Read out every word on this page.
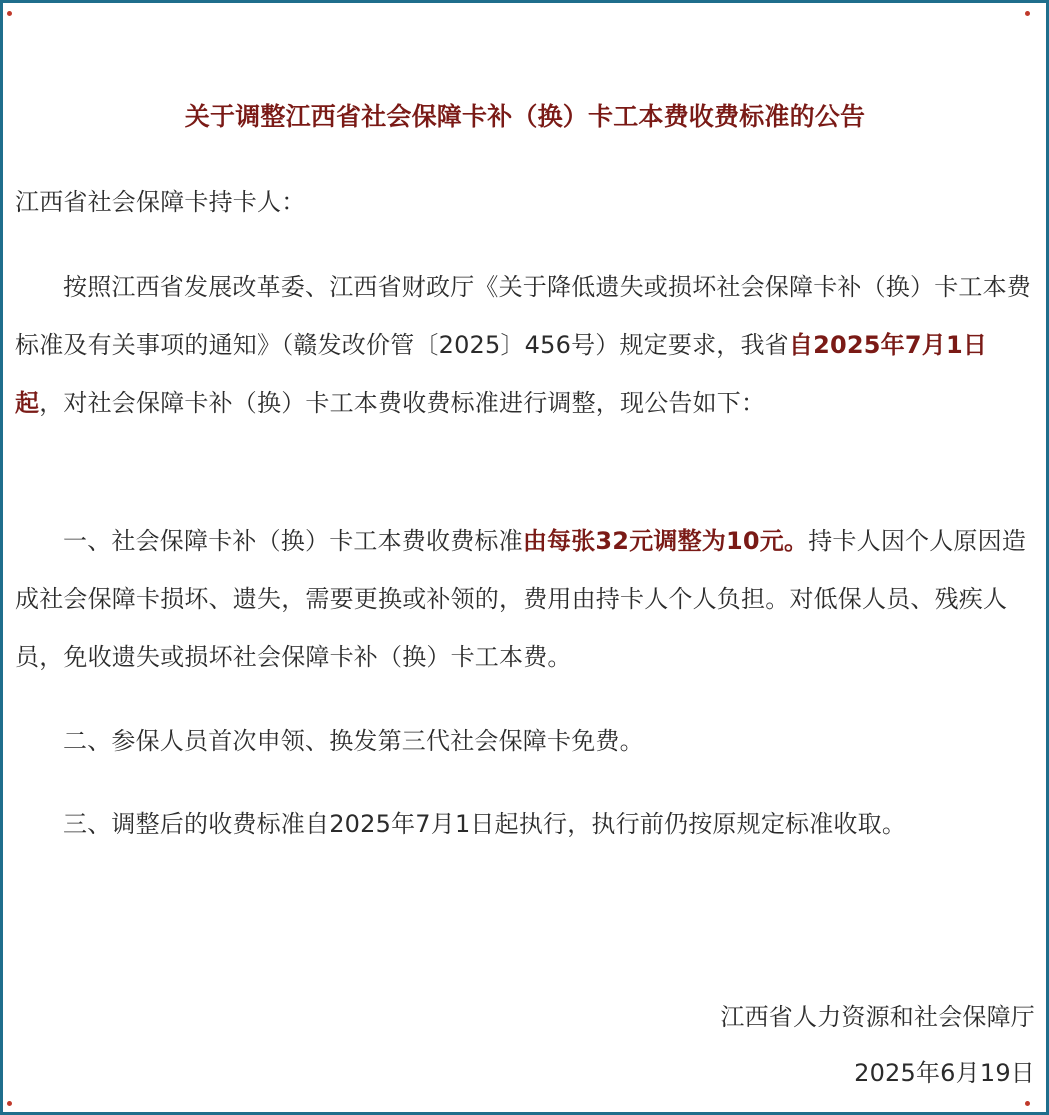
关于调整江西省社会保障卡补（换）卡工本费收费标准的公告

江西省社会保障卡持卡人：

按照江西省发展改革委、江西省财政厅《关于降低遗失或损坏社会保障卡补（换）卡工本费标准及有关事项的通知》（赣发改价管〔2025〕456号）规定要求，我省自2025年7月1日起，对社会保障卡补（换）卡工本费收费标准进行调整，现公告如下：

一、社会保障卡补（换）卡工本费收费标准由每张32元调整为10元。持卡人因个人原因造成社会保障卡损坏、遗失，需要更换或补领的，费用由持卡人个人负担。对低保人员、残疾人员，免收遗失或损坏社会保障卡补（换）卡工本费。

二、参保人员首次申领、换发第三代社会保障卡免费。

三、调整后的收费标准自2025年7月1日起执行，执行前仍按原规定标准收取。

江西省人力资源和社会保障厅

2025年6月19日
